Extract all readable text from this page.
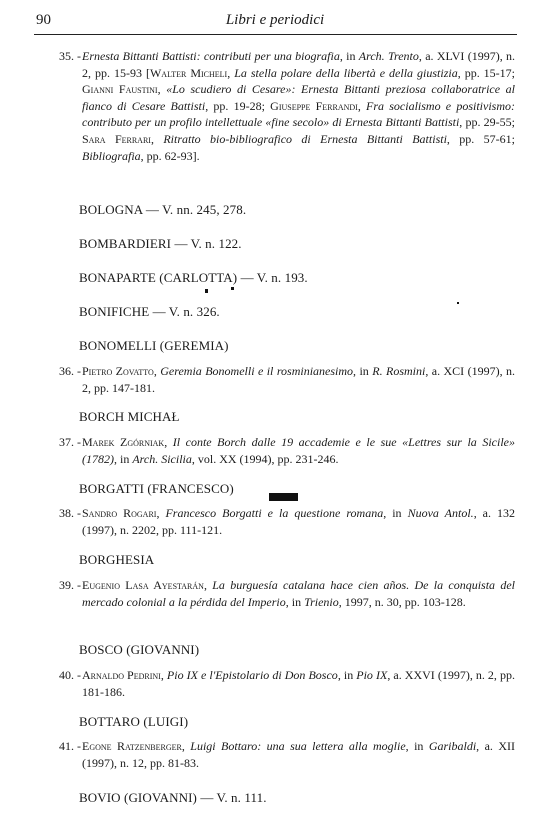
90	Libri e periodici
35. - Ernesta Bittanti Battisti: contributi per una biografia, in Arch. Trento, a. XLVI (1997), n. 2, pp. 15-93 [Walter Micheli, La stella polare della libertà e della giustizia, pp. 15-17; Gianni Faustini, «Lo scudiero di Cesare»: Ernesta Bittanti preziosa collaboratrice al fianco di Cesare Battisti, pp. 19-28; Giuseppe Ferrandi, Fra socialismo e positivismo: contributo per un profilo intellettuale «fine secolo» di Ernesta Bittanti Battisti, pp. 29-55; Sara Ferrari, Ritratto bio-bibliografico di Ernesta Bittanti Battisti, pp. 57-61; Bibliografia, pp. 62-93].
BOLOGNA — V. nn. 245, 278.
BOMBARDIERI — V. n. 122.
BONAPARTE (CARLOTTA) — V. n. 193.
BONIFICHE — V. n. 326.
BONOMELLI (GEREMIA)
36. - Pietro Zovatto, Geremia Bonomelli e il rosminianesimo, in R. Rosmini, a. XCI (1997), n. 2, pp. 147-181.
BORCH MICHAŁ
37. - Marek Zgórniak, Il conte Borch dalle 19 accademie e le sue «Lettres sur la Sicile» (1782), in Arch. Sicilia, vol. XX (1994), pp. 231-246.
BORGATTI (FRANCESCO)
38. - Sandro Rogari, Francesco Borgatti e la questione romana, in Nuova Antol., a. 132 (1997), n. 2202, pp. 111-121.
BORGHESIA
39. - Eugenio Lasa Ayestarán, La burguesía catalana hace cien años. De la conquista del mercado colonial a la pérdida del Imperio, in Trienio, 1997, n. 30, pp. 103-128.
BOSCO (GIOVANNI)
40. - Arnaldo Pedrini, Pio IX e l'Epistolario di Don Bosco, in Pio IX, a. XXVI (1997), n. 2, pp. 181-186.
BOTTARO (LUIGI)
41. - Egone Ratzenberger, Luigi Bottaro: una sua lettera alla moglie, in Garibaldi, a. XII (1997), n. 12, pp. 81-83.
BOVIO (GIOVANNI) — V. n. 111.
